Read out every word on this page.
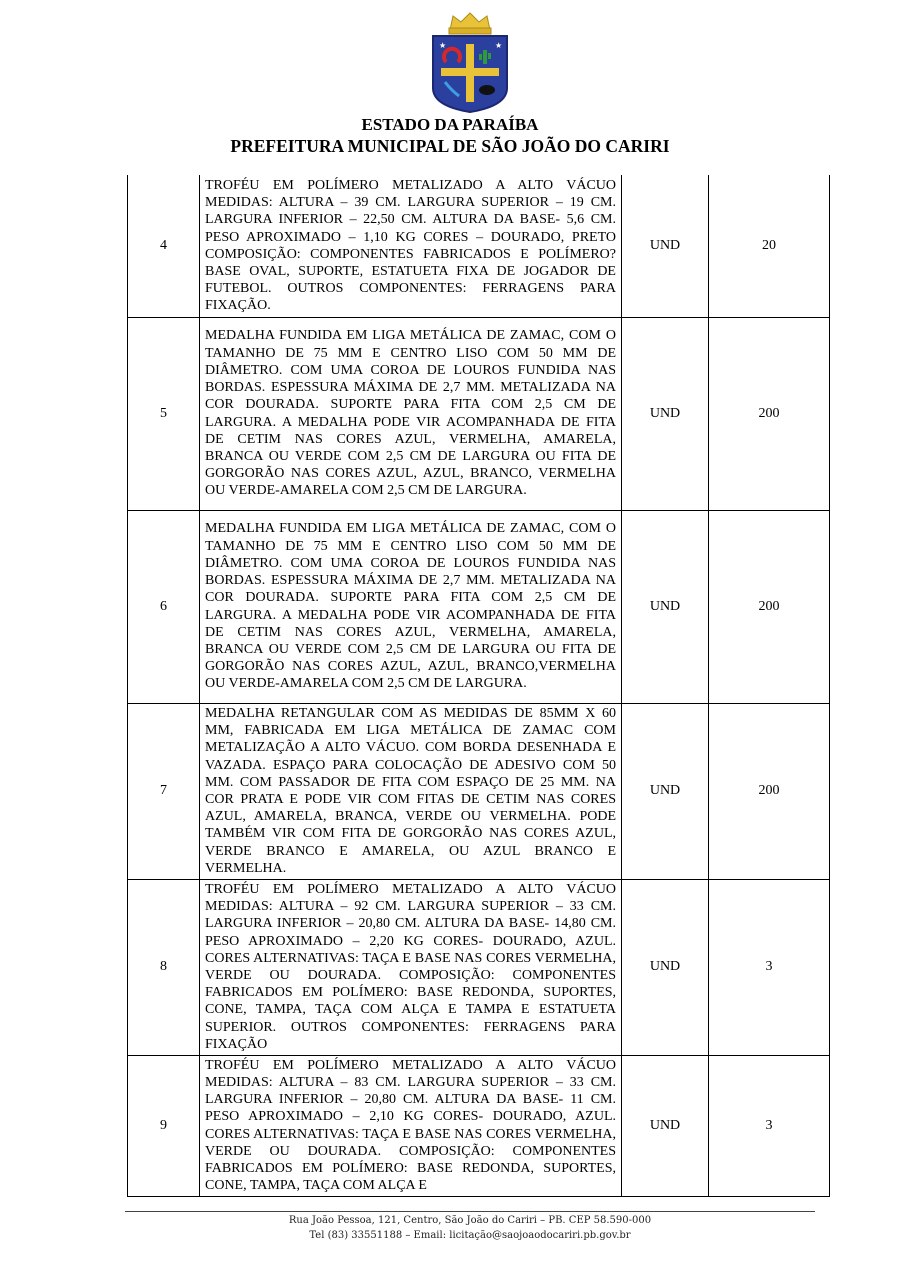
★	★
ESTADO DA PARAÍBA
PREFEITURA MUNICIPAL DE SÃO JOÃO DO CARIRI
4	TROFÉU EM POLÍMERO METALIZADO A ALTO VÁCUO MEDIDAS: ALTURA – 39 CM. LARGURA SUPERIOR – 19 CM. LARGURA INFERIOR – 22,50 CM. ALTURA DA BASE- 5,6 CM. PESO APROXIMADO – 1,10 KG CORES – DOURADO, PRETO COMPOSIÇÃO: COMPONENTES FABRICADOS E POLÍMERO? BASE OVAL, SUPORTE, ESTATUETA FIXA DE JOGADOR DE FUTEBOL. OUTROS COMPONENTES: FERRAGENS PARA FIXAÇÃO.	UND	20
5	MEDALHA FUNDIDA EM LIGA METÁLICA DE ZAMAC, COM O TAMANHO DE 75 MM E CENTRO LISO COM 50 MM DE DIÂMETRO. COM UMA COROA DE LOUROS FUNDIDA NAS BORDAS. ESPESSURA MÁXIMA DE 2,7 MM. METALIZADA NA COR DOURADA. SUPORTE PARA FITA COM 2,5 CM DE LARGURA. A MEDALHA PODE VIR ACOMPANHADA DE FITA DE CETIM NAS CORES AZUL, VERMELHA, AMARELA, BRANCA OU VERDE COM 2,5 CM DE LARGURA OU FITA DE GORGORÃO NAS CORES AZUL, AZUL, BRANCO, VERMELHA OU VERDE-AMARELA COM 2,5 CM DE LARGURA.	UND	200
6	MEDALHA FUNDIDA EM LIGA METÁLICA DE ZAMAC, COM O TAMANHO DE 75 MM E CENTRO LISO COM 50 MM DE DIÂMETRO. COM UMA COROA DE LOUROS FUNDIDA NAS BORDAS. ESPESSURA MÁXIMA DE 2,7 MM. METALIZADA NA COR DOURADA. SUPORTE PARA FITA COM 2,5 CM DE LARGURA. A MEDALHA PODE VIR ACOMPANHADA DE FITA DE CETIM NAS CORES AZUL, VERMELHA, AMARELA, BRANCA OU VERDE COM 2,5 CM DE LARGURA OU FITA DE GORGORÃO NAS CORES AZUL, AZUL, BRANCO,VERMELHA OU VERDE-AMARELA COM 2,5 CM DE LARGURA.	UND	200
7	MEDALHA RETANGULAR COM AS MEDIDAS DE 85MM X 60 MM, FABRICADA EM LIGA METÁLICA DE ZAMAC COM METALIZAÇÃO A ALTO VÁCUO. COM BORDA DESENHADA E VAZADA. ESPAÇO PARA COLOCAÇÃO DE ADESIVO COM 50 MM. COM PASSADOR DE FITA COM ESPAÇO DE 25 MM. NA COR PRATA E PODE VIR COM FITAS DE CETIM NAS CORES AZUL, AMARELA, BRANCA, VERDE OU VERMELHA. PODE TAMBÉM VIR COM FITA DE GORGORÃO NAS CORES AZUL, VERDE BRANCO E AMARELA, OU AZUL BRANCO E VERMELHA.	UND	200
8	TROFÉU EM POLÍMERO METALIZADO A ALTO VÁCUO MEDIDAS: ALTURA – 92 CM. LARGURA SUPERIOR – 33 CM. LARGURA INFERIOR – 20,80 CM. ALTURA DA BASE- 14,80 CM. PESO APROXIMADO – 2,20 KG CORES- DOURADO, AZUL. CORES ALTERNATIVAS: TAÇA E BASE NAS CORES VERMELHA, VERDE OU DOURADA. COMPOSIÇÃO: COMPONENTES FABRICADOS EM POLÍMERO: BASE REDONDA, SUPORTES, CONE, TAMPA, TAÇA COM ALÇA E TAMPA E ESTATUETA SUPERIOR. OUTROS COMPONENTES: FERRAGENS PARA FIXAÇÃO	UND	3
9	TROFÉU EM POLÍMERO METALIZADO A ALTO VÁCUO MEDIDAS: ALTURA – 83 CM. LARGURA SUPERIOR – 33 CM. LARGURA INFERIOR – 20,80 CM. ALTURA DA BASE- 11 CM. PESO APROXIMADO – 2,10 KG CORES- DOURADO, AZUL. CORES ALTERNATIVAS: TAÇA E BASE NAS CORES VERMELHA, VERDE OU DOURADA. COMPOSIÇÃO: COMPONENTES FABRICADOS EM POLÍMERO: BASE REDONDA, SUPORTES, CONE, TAMPA, TAÇA COM ALÇA E	UND	3
Rua João Pessoa, 121, Centro, São João do Cariri – PB. CEP 58.590-000
Tel (83) 33551188 – Email: licitação@saojoaodocariri.pb.gov.br
